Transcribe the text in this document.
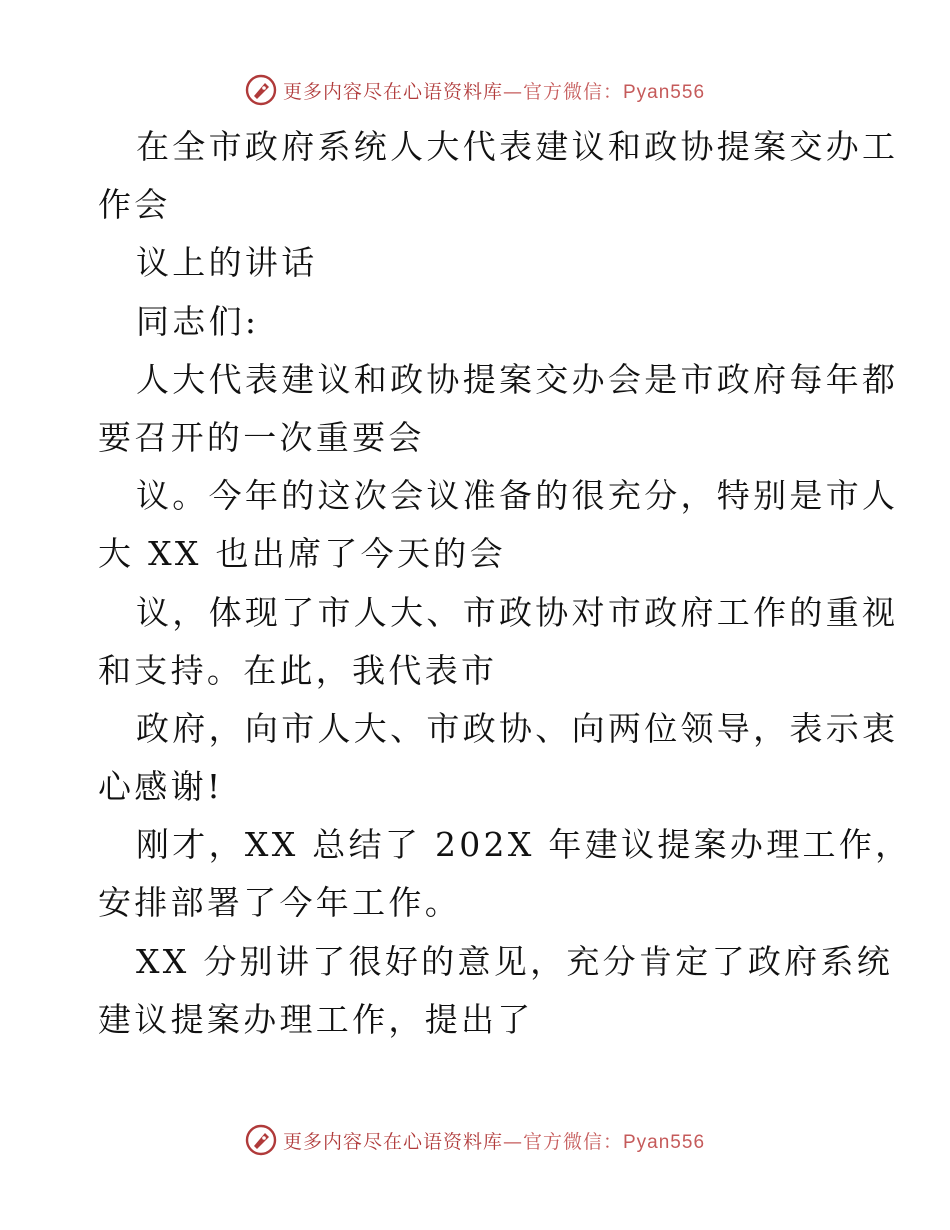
更多内容尽在心语资料库—官方微信：Pyan556
在全市政府系统人大代表建议和政协提案交办工
作会
议上的讲话
同志们:
人大代表建议和政协提案交办会是市政府每年都
要召开的一次重要会
议。今年的这次会议准备的很充分，特别是市人
大 XX 也出席了今天的会
议，体现了市人大、市政协对市政府工作的重视
和支持。在此，我代表市
政府，向市人大、市政协、向两位领导，表示衷
心感谢!
刚才，XX 总结了 202X 年建议提案办理工作，
安排部署了今年工作。
XX 分别讲了很好的意见，充分肯定了政府系统
建议提案办理工作，提出了
更多内容尽在心语资料库—官方微信：Pyan556
